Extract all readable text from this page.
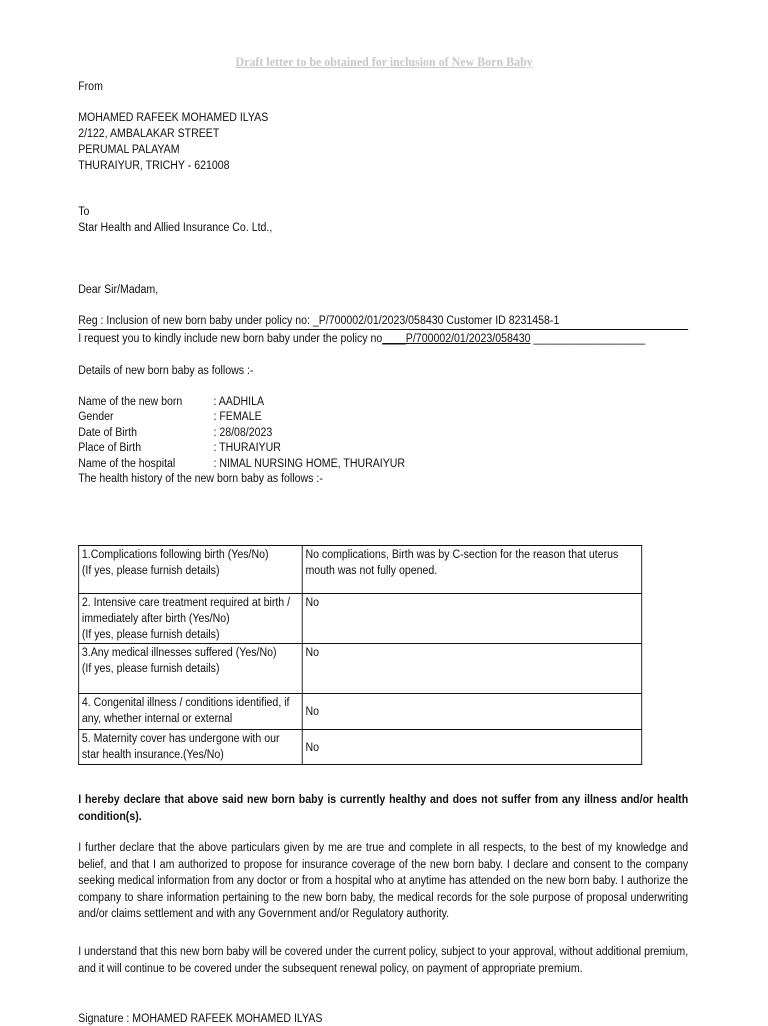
Draft letter to be obtained for inclusion of New Born Baby
From
MOHAMED RAFEEK MOHAMED ILYAS
2/122, AMBALAKAR STREET
PERUMAL PALAYAM
THURAIYUR, TRICHY - 621008
To
Star Health and Allied Insurance Co. Ltd.,
Dear Sir/Madam,
Reg : Inclusion of new born baby under policy no: _P/700002/01/2023/058430 Customer ID 8231458-1
I request you to kindly include new born baby under the policy no____P/700002/01/2023/058430 ___________________
Details of new born baby as follows :-
Name of the new born	: AADHILA
Gender	: FEMALE
Date of Birth	: 28/08/2023
Place of Birth	: THURAIYUR
Name of the hospital	: NIMAL NURSING HOME, THURAIYUR
The health history of the new born baby as follows :-
1.Complications following birth (Yes/No)
(If yes, please furnish details)	No complications, Birth was by C-section for the reason that uterus mouth was not fully opened.

2. Intensive care treatment required at birth /
immediately after birth (Yes/No)
(If yes, please furnish details)	No

3.Any medical illnesses suffered (Yes/No)
(If yes, please furnish details)	No

4. Congenital illness / conditions identified, if
any, whether internal or external	No

5. Maternity cover has undergone with our
star health insurance.(Yes/No)	No
I hereby declare that above said new born baby is currently healthy and does not suffer from any illness and/or health condition(s).
I further declare that the above particulars given by me are true and complete in all respects, to the best of my knowledge and belief, and that I am authorized to propose for insurance coverage of the new born baby. I declare and consent to the company seeking medical information from any doctor or from a hospital who at anytime has attended on the new born baby. I authorize the company to share information pertaining to the new born baby, the medical records for the sole purpose of proposal underwriting and/or claims settlement and with any Government and/or Regulatory authority.
I understand that this new born baby will be covered under the current policy, subject to your approval, without additional premium, and it will continue to be covered under the subsequent renewal policy, on payment of appropriate premium.
Signature : MOHAMED RAFEEK MOHAMED ILYAS
